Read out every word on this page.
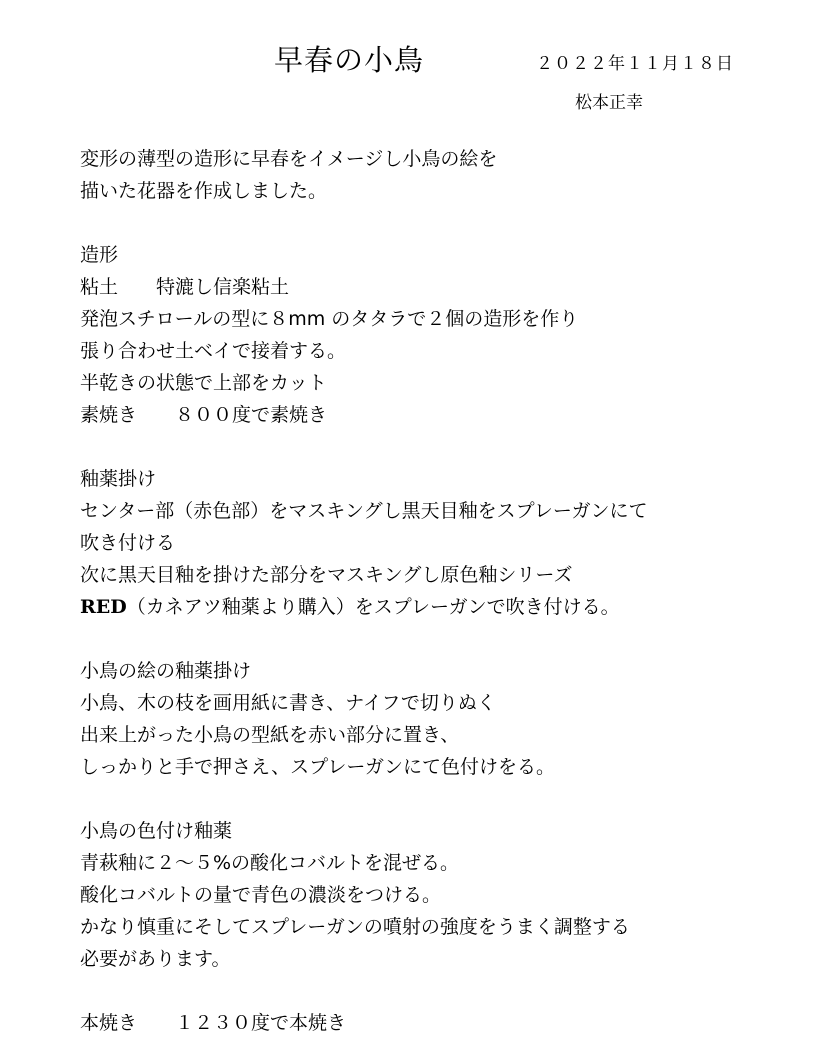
早春の小鳥	２０２２年１１月１８日
松本正幸
変形の薄型の造形に早春をイメージし小鳥の絵を
描いた花器を作成しました。
造形
粘土　　特漉し信楽粘土
発泡スチロールの型に８mm のタタラで２個の造形を作り
張り合わせ土ベイで接着する。
半乾きの状態で上部をカット
素焼き　　８００度で素焼き
釉薬掛け
センター部（赤色部）をマスキングし黒天目釉をスプレーガンにて
吹き付ける
次に黒天目釉を掛けた部分をマスキングし原色釉シリーズ
RED（カネアツ釉薬より購入）をスプレーガンで吹き付ける。
小鳥の絵の釉薬掛け
小鳥、木の枝を画用紙に書き、ナイフで切りぬく
出来上がった小鳥の型紙を赤い部分に置き、
しっかりと手で押さえ、スプレーガンにて色付けをる。
小鳥の色付け釉薬
青萩釉に２～５%の酸化コバルトを混ぜる。
酸化コバルトの量で青色の濃淡をつける。
かなり慎重にそしてスプレーガンの噴射の強度をうまく調整する
必要があります。
本焼き　　１２３０度で本焼き
